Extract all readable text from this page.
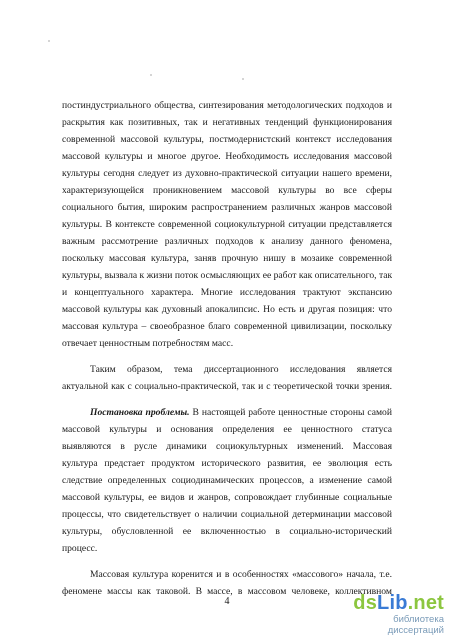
постиндустриального общества, синтезирования методологических подходов и
раскрытия как позитивных, так и негативных тенденций функционирования
современной массовой культуры, постмодернистский контекст исследования
массовой культуры и многое другое. Необходимость исследования массовой
культуры сегодня следует из духовно-практической ситуации нашего времени,
характеризующейся проникновением массовой культуры во все сферы
социального бытия, широким распространением различных жанров массовой
культуры. В контексте современной социокультурной ситуации представляется
важным рассмотрение различных подходов к анализу данного феномена,
поскольку массовая культура, заняв прочную нишу в мозаике современной
культуры, вызвала к жизни поток осмысляющих ее работ как описательного, так
и концептуального характера. Многие исследования трактуют экспансию
массовой культуры как духовный апокалипсис. Но есть и другая позиция: что
массовая культура – своеобразное благо современной цивилизации, поскольку
отвечает ценностным потребностям масс.
Таким образом, тема диссертационного исследования является
актуальной как с социально-практической, так и с теоретической точки зрения.
Постановка проблемы. В настоящей работе ценностные стороны самой
массовой культуры и основания определения ее ценностного статуса
выявляются в русле динамики социокультурных изменений. Массовая
культура предстает продуктом исторического развития, ее эволюция есть
следствие определенных социодинамических процессов, а изменение самой
массовой культуры, ее видов и жанров, сопровождает глубинные социальные
процессы, что свидетельствует о наличии социальной детерминации массовой
культуры, обусловленной ее включенностью в социально-исторический
процесс.
Массовая культура коренится и в особенностях «массового» начала, т.е.
феномене массы как таковой. В массе, в массовом человеке, коллективном
4	dsLib.net
библиотека диссертаций
